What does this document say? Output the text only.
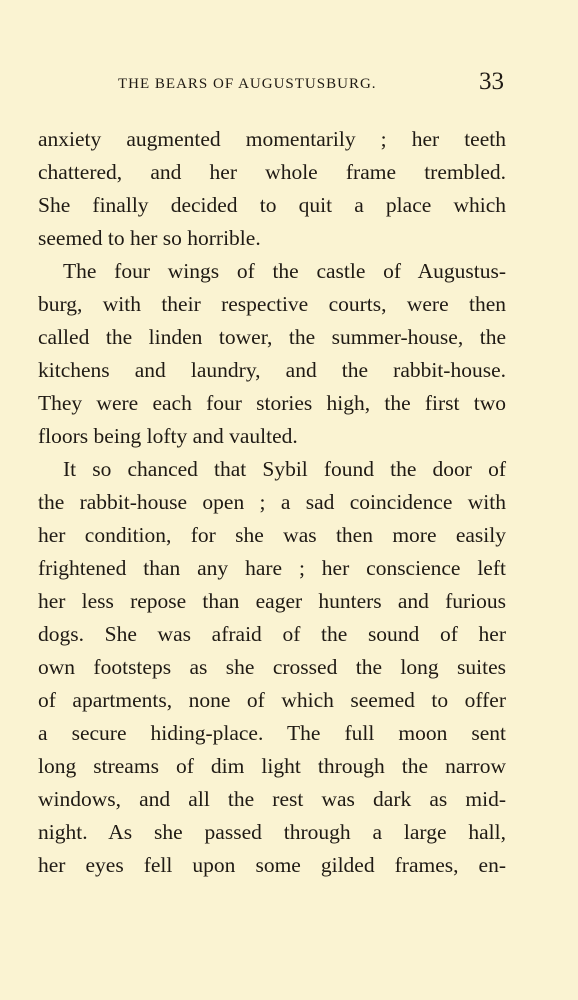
THE BEARS OF AUGUSTUSBURG.	33
anxiety augmented momentarily ; her teeth
chattered, and her whole frame trembled.
She finally decided to quit a place which
seemed to her so horrible.
The four wings of the castle of Augustus-
burg, with their respective courts, were then
called the linden tower, the summer-house, the
kitchens and laundry, and the rabbit-house.
They were each four stories high, the first two
floors being lofty and vaulted.
It so chanced that Sybil found the door of
the rabbit-house open ; a sad coincidence with
her condition, for she was then more easily
frightened than any hare ; her conscience left
her less repose than eager hunters and furious
dogs. She was afraid of the sound of her
own footsteps as she crossed the long suites
of apartments, none of which seemed to offer
a secure hiding-place. The full moon sent
long streams of dim light through the narrow
windows, and all the rest was dark as mid-
night. As she passed through a large hall,
her eyes fell upon some gilded frames, en-
